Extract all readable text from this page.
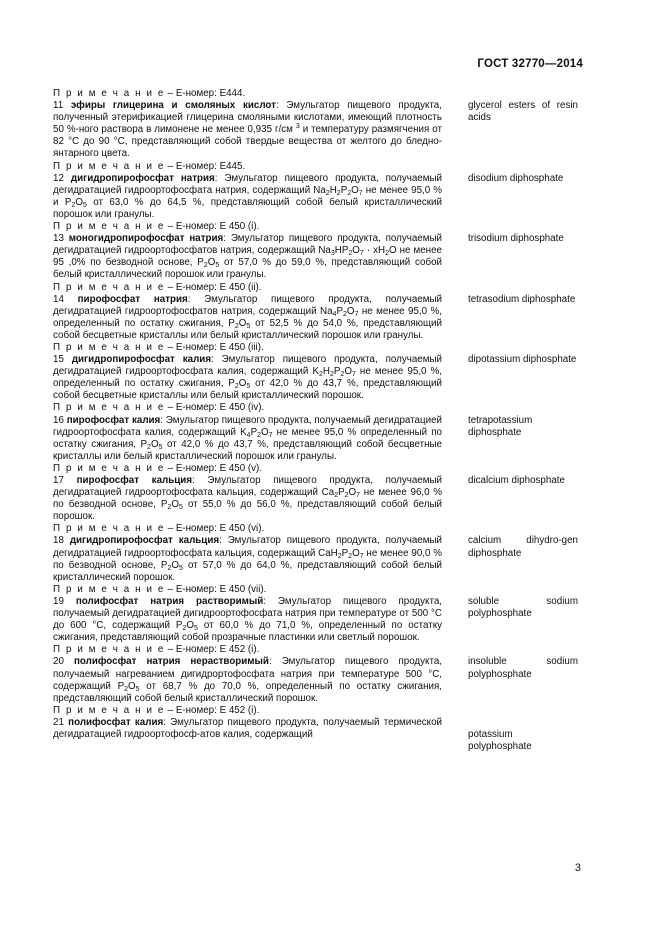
ГОСТ 32770—2014
П р и м е ч а н и е – Е-номер: Е444.
11 эфиры глицерина и смоляных кислот: Эмульгатор пищевого продукта, полученный этерификацией глицерина смоляными кислотами, имеющий плотность 50 %-ного раствора в лимонене не менее 0,935 г/см $^3$ и температуру размягчения от 82 °С до 90 °С, представляющий собой твердые вещества от желтого до бледно-янтарного цвета.
glycerol esters of resin acids
П р и м е ч а н и е – Е-номер: Е445.
12 дигидропирофосфат натрия: Эмульгатор пищевого продукта, получаемый дегидратацией гидроортофосфата натрия, содержащий $Na_2H_2P_2O_7$ не менее 95,0 % и $P_2O_5$ от 63,0 % до 64,5 %, представляющий собой белый кристаллический порошок или гранулы.
disodium diphosphate
П р и м е ч а н и е – Е-номер: Е 450 (i).
13 моногидропирофосфат натрия: Эмульгатор пищевого продукта, получаемый дегидратацией гидроортофосфатов натрия, содержащий $Na_3HP_2O_7 \cdot xH_2O$ не менее 95 ,0% по безводной основе, $P_2O_5$ от 57,0 % до 59,0 %, представляющий собой белый кристаллический порошок или гранулы.
trisodium diphosphate
П р и м е ч а н и е – Е-номер: Е 450 (ii).
14 пирофосфат натрия: Эмульгатор пищевого продукта, получаемый дегидратацией гидроортофосфатов натрия, содержащий $Na_4P_2O_7$ не менее 95,0 %, определенный по остатку сжигания, $P_2O_5$ от 52,5 % до 54,0 %, представляющий собой бесцветные кристаллы или белый кристаллический порошок или гранулы.
tetrasodium diphosphate
П р и м е ч а н и е – Е-номер: Е 450 (iii).
15 дигидропирофосфат калия: Эмульгатор пищевого продукта, получаемый дегидратацией гидроортофосфата калия, содержащий $K_2H_2P_2O_7$ не менее 95,0 %, определенный по остатку сжигания, $P_2O_5$ от 42,0 % до 43,7 %, представляющий собой бесцветные кристаллы или белый кристаллический порошок.
dipotassium diphosphate
П р и м е ч а н и е – Е-номер: Е 450 (iv).
16 пирофосфат калия: Эмульгатор пищевого продукта, получаемый дегидратацией гидроортофосфата калия, содержащий $K_4P_2O_7$ не менее 95,0 % определенный по остатку сжигания, $P_2O_5$ от 42,0 % до 43,7 %, представляющий собой бесцветные кристаллы или белый кристаллический порошок или гранулы.
tetrapotassium diphosphate
П р и м е ч а н и е – Е-номер: Е 450 (v).
17 пирофосфат кальция: Эмульгатор пищевого продукта, получаемый дегидратацией гидроортофосфата кальция, содержащий $Ca_2P_2O_7$ не менее 96,0 % по безводной основе, $P_2O_5$ от 55,0 % до 56,0 %, представляющий собой белый порошок.
dicalcium diphosphate
П р и м е ч а н и е – Е-номер: Е 450 (vi).
18 дигидропирофосфат кальция: Эмульгатор пищевого продукта, получаемый дегидратацией гидроортофосфата кальция, содержащий $CaH_2P_2O_7$ не менее 90,0 % по безводной основе, $P_2O_5$ от 57,0 % до 64,0 %, представляющий собой белый кристаллический порошок.
calcium dihydro-gen diphosphate
П р и м е ч а н и е – Е-номер: Е 450 (vii).
19 полифосфат натрия растворимый: Эмульгатор пищевого продукта, получаемый дегидратацией дигидроортофосфата натрия при температуре от 500 °С до 600 °С, содержащий $P_2O_5$ от 60,0 % до 71,0 %, определенный по остатку сжигания, представляющий собой прозрачные пластинки или светлый порошок.
soluble sodium polyphosphate
П р и м е ч а н и е – Е-номер: Е 452 (i).
20 полифосфат натрия нерастворимый: Эмульгатор пищевого продукта, получаемый нагреванием дигидрортофосфата натрия при температуре 500 °С, содержащий $P_2O_5$ от 68,7 % до 70,0 %, определенный по остатку сжигания, представляющий собой белый кристаллический порошок.
insoluble sodium polyphosphate
П р и м е ч а н и е – Е-номер: Е 452 (i).
21 полифосфат калия: Эмульгатор пищевого продукта, получаемый термической дегидратацией гидроортофосф-атов калия, содержащий	potassium polyphosphate
3
